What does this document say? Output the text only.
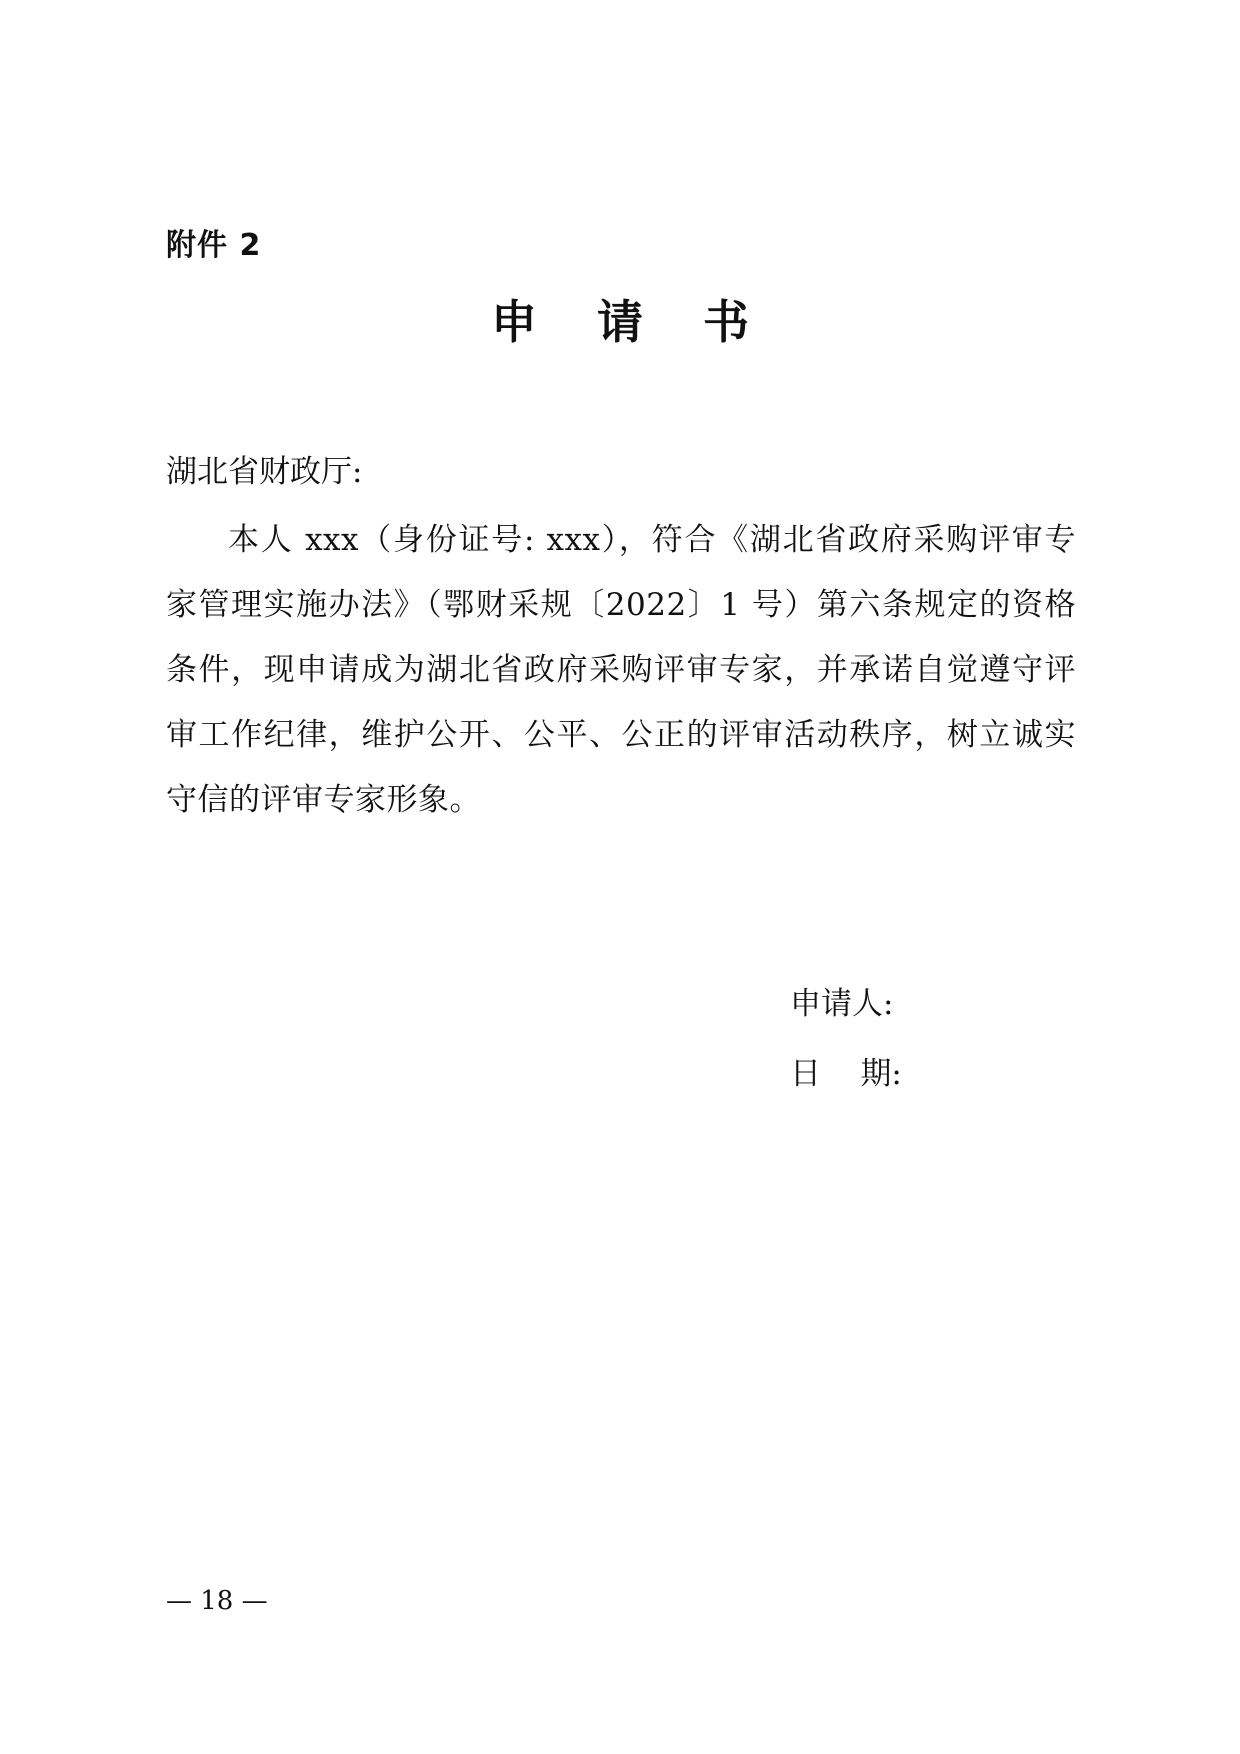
附件 2
申请书
湖北省财政厅:
本人 xxx（身份证号: xxx），符合《湖北省政府采购评审专家管理实施办法》（鄂财采规〔2022〕1 号）第六条规定的资格条件，现申请成为湖北省政府采购评审专家，并承诺自觉遵守评审工作纪律，维护公开、公平、公正的评审活动秩序，树立诚实守信的评审专家形象。
申请人:
日    期:
— 18 —
